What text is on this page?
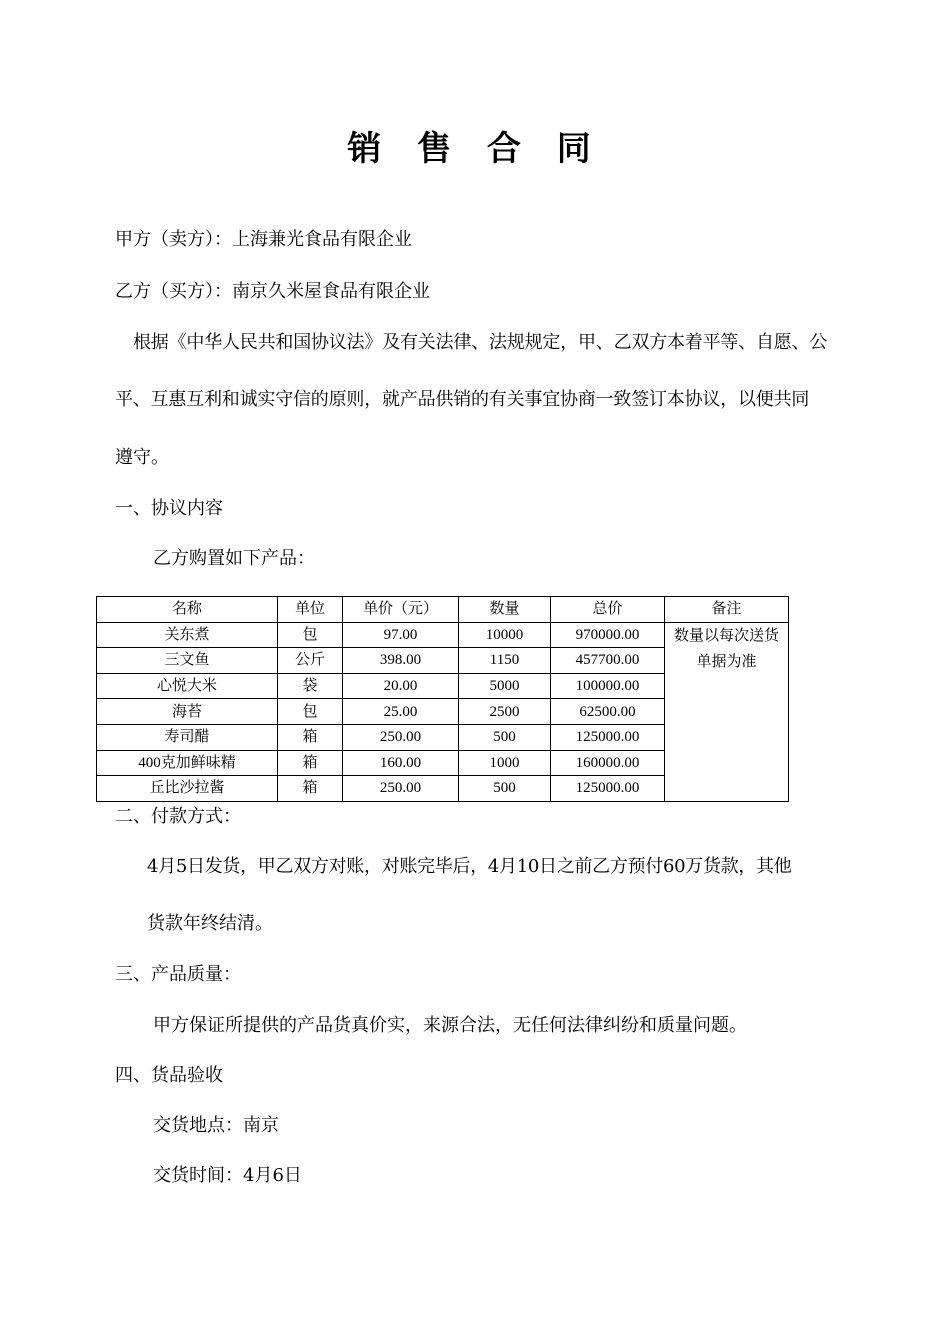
销 售 合 同

甲方（卖方）：上海兼光食品有限企业

乙方（买方）：南京久米屋食品有限企业

根据《中华人民共和国协议法》及有关法律、法规规定，甲、乙双方本着平等、自愿、公

平、互惠互利和诚实守信的原则，就产品供销的有关事宜协商一致签订本协议，以便共同

遵守。

一、协议内容

乙方购置如下产品：

名称	单位	单价（元）	数量	总价	备注
关东煮	包	97.00	10000	970000.00	数量以每次送货单据为准

三文鱼	公斤	398.00	1150	457700.00	
心悦大米	袋	20.00	5000	100000.00	
海苔	包	25.00	2500	62500.00	
寿司醋	箱	250.00	500	125000.00	
400克加鲜味精	箱	160.00	1000	160000.00	
丘比沙拉酱	箱	250.00	500	125000.00	

二、付款方式：

4月5日发货，甲乙双方对账，对账完毕后，4月10日之前乙方预付60万货款，其他

货款年终结清。

三、产品质量：

甲方保证所提供的产品货真价实，来源合法，无任何法律纠纷和质量问题。

四、货品验收

交货地点：南京

交货时间：4月6日
